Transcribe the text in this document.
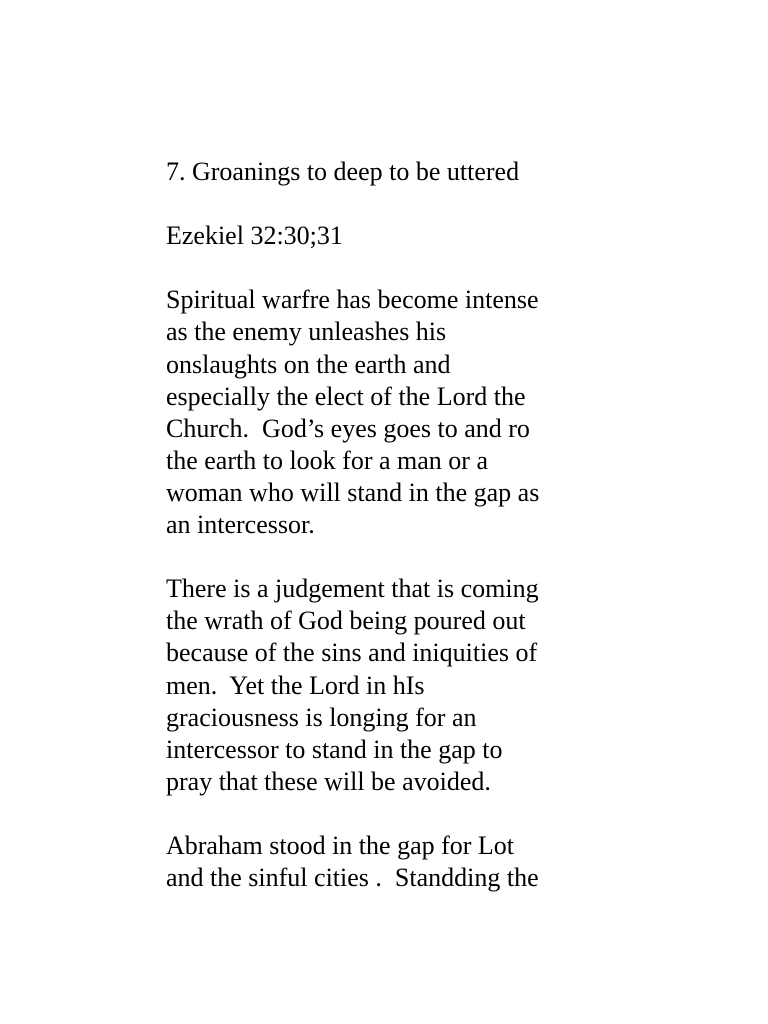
7. Groanings to deep to be uttered
Ezekiel 32:30;31
Spiritual warfre has become intense
as the enemy unleashes his
onslaughts on the earth and
especially the elect of the Lord the
Church.  God’s eyes goes to and ro
the earth to look for a man or a
woman who will stand in the gap as
an intercessor.
There is a judgement that is coming
the wrath of God being poured out
because of the sins and iniquities of
men.  Yet the Lord in hIs
graciousness is longing for an
intercessor to stand in the gap to
pray that these will be avoided.
Abraham stood in the gap for Lot
and the sinful cities .  Standding the
